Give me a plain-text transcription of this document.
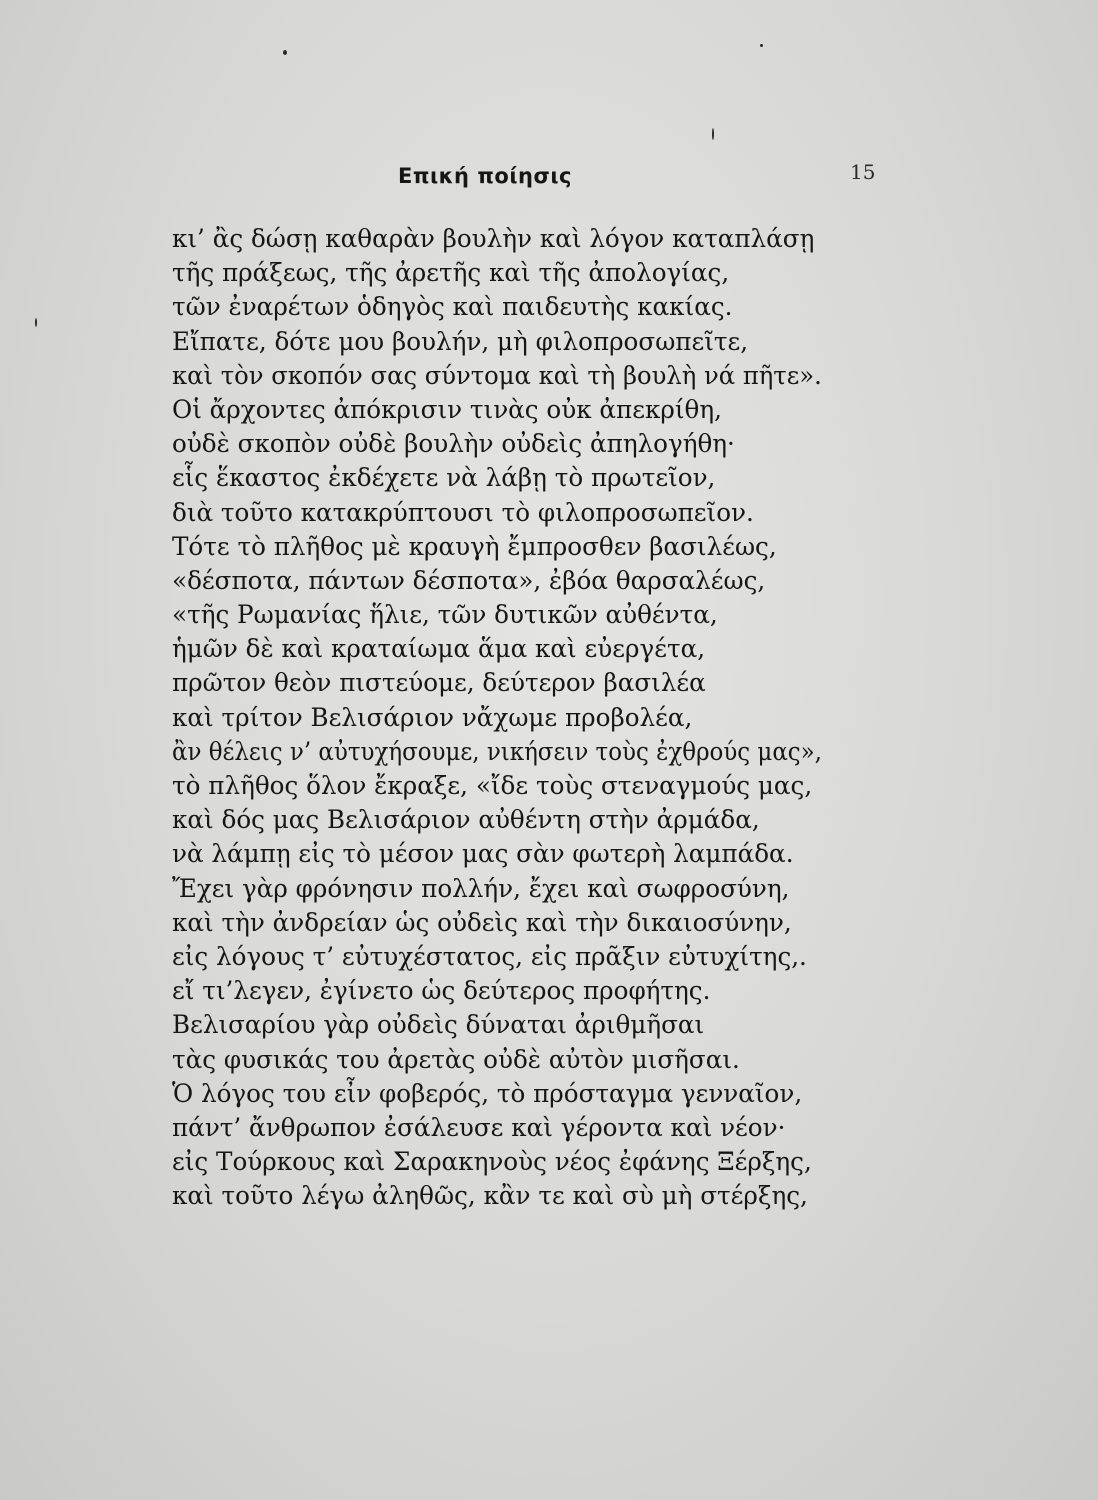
Επική ποίησις	15
κι’ ἂς δώσῃ καθαρὰν βουλὴν καὶ λόγον καταπλάσῃ
τῆς πράξεως, τῆς ἀρετῆς καὶ τῆς ἀπολογίας,
τῶν ἐναρέτων ὁδηγὸς καὶ παιδευτὴς κακίας.
Εἴπατε, δότε μου βουλήν, μὴ φιλοπροσωπεῖτε,
καὶ τὸν σκοπόν σας σύντομα καὶ τὴ βουλὴ νά πῆτε».
Οἱ ἄρχοντες ἀπόκρισιν τινὰς οὐκ ἀπεκρίθη,
οὐδὲ σκοπὸν οὐδὲ βουλὴν οὐδεὶς ἀπηλογήθη·
εἷς ἕκαστος ἐκδέχετε νὰ λάβῃ τὸ πρωτεῖον,
διὰ τοῦτο κατακρύπτουσι τὸ φιλοπροσωπεῖον.
Τότε τὸ πλῆθος μὲ κραυγὴ ἔμπροσθεν βασιλέως,
«δέσποτα, πάντων δέσποτα», ἐβόα θαρσαλέως,
«τῆς Ρωμανίας ἥλιε, τῶν δυτικῶν αὐθέντα,
ἡμῶν δὲ καὶ κραταίωμα ἅμα καὶ εὐεργέτα,
πρῶτον θεὸν πιστεύομε, δεύτερον βασιλέα
καὶ τρίτον Βελισάριον νἄχωμε προβολέα,
ἂν θέλεις ν’ αὐτυχήσουμε, νικήσειν τοὺς ἐχθρούς μας»,
τὸ πλῆθος ὅλον ἔκραξε, «ἴδε τοὺς στεναγμούς μας,
καὶ δός μας Βελισάριον αὐθέντη στὴν ἀρμάδα,
νὰ λάμπῃ εἰς τὸ μέσον μας σὰν φωτερὴ λαμπάδα.
Ἔχει γὰρ φρόνησιν πολλήν, ἔχει καὶ σωφροσύνη,
καὶ τὴν ἀνδρείαν ὡς οὐδεὶς καὶ τὴν δικαιοσύνην,
εἰς λόγους τ’ εὐτυχέστατος, εἰς πρᾶξιν εὐτυχίτης,.
εἴ τι’λεγεν, ἐγίνετο ὡς δεύτερος προφήτης.
Βελισαρίου γὰρ οὐδεὶς δύναται ἀριθμῆσαι
τὰς φυσικάς του ἀρετὰς οὐδὲ αὐτὸν μισῆσαι.
Ὁ λόγος του εἶν φοβερός, τὸ πρόσταγμα γενναῖον,
πάντ’ ἄνθρωπον ἐσάλευσε καὶ γέροντα καὶ νέον·
εἰς Τούρκους καὶ Σαρακηνοὺς νέος ἐφάνης Ξέρξης,
καὶ τοῦτο λέγω ἀληθῶς, κἂν τε καὶ σὺ μὴ στέρξης,
